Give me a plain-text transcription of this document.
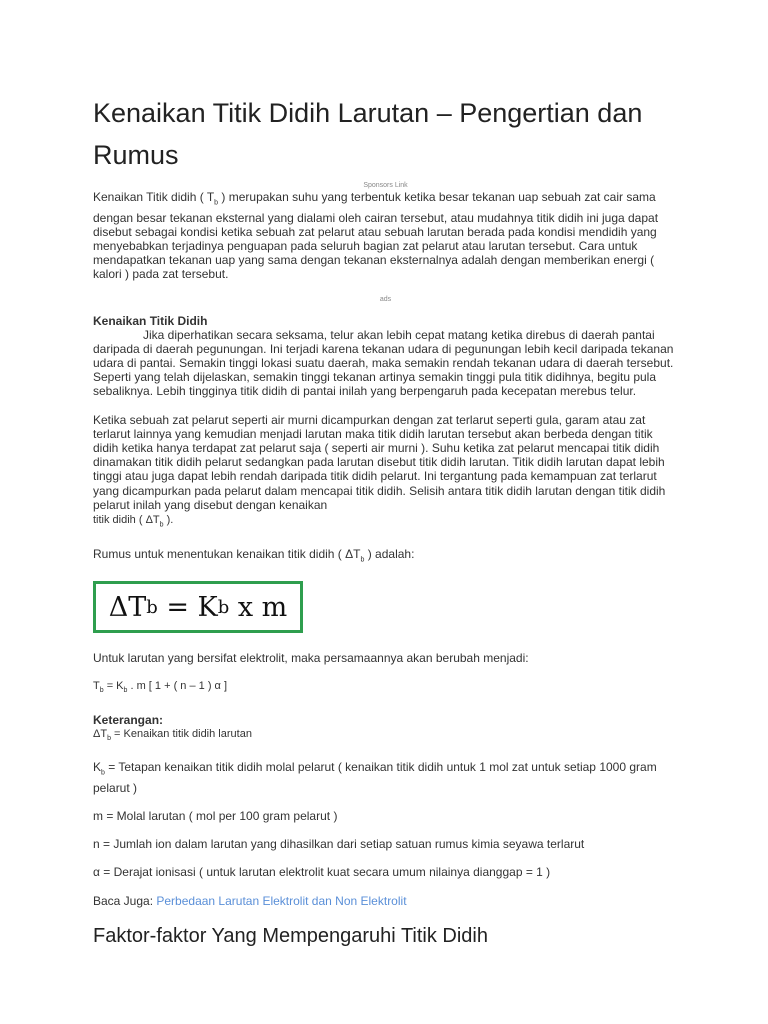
Kenaikan Titik Didih Larutan – Pengertian dan Rumus
Sponsors Link

Kenaikan Titik didih ( $T_b$ ) merupakan suhu yang terbentuk ketika besar tekanan uap sebuah zat cair sama dengan besar tekanan eksternal yang dialami oleh cairan tersebut, atau mudahnya titik didih ini juga dapat disebut sebagai kondisi ketika sebuah zat pelarut atau sebuah larutan berada pada kondisi mendidih yang menyebabkan terjadinya penguapan pada seluruh bagian zat pelarut atau larutan tersebut. Cara untuk mendapatkan tekanan uap yang sama dengan tekanan eksternalnya adalah dengan memberikan energi ( kalori ) pada zat tersebut.

ads
Kenaikan Titik Didih

Jika diperhatikan secara seksama, telur akan lebih cepat matang ketika direbus di daerah pantai daripada di daerah pegunungan. Ini terjadi karena tekanan udara di pegunungan lebih kecil daripada tekanan udara di pantai. Semakin tinggi lokasi suatu daerah, maka semakin rendah tekanan udara di daerah tersebut. Seperti yang telah dijelaskan, semakin tinggi tekanan artinya semakin tinggi pula titik didihnya, begitu pula sebaliknya. Lebih tingginya titik didih di pantai inilah yang berpengaruh pada kecepatan merebus telur.

Ketika sebuah zat pelarut seperti air murni dicampurkan dengan zat terlarut seperti gula, garam atau zat terlarut lainnya yang kemudian menjadi larutan maka titik didih larutan tersebut akan berbeda dengan titik didih ketika hanya terdapat zat pelarut saja ( seperti air murni ). Suhu ketika zat pelarut mencapai titik didih dinamakan titik didih pelarut sedangkan pada larutan disebut titik didih larutan. Titik didih larutan dapat lebih tinggi atau juga dapat lebih rendah daripada titik didih pelarut. Ini tergantung pada kemampuan zat terlarut yang dicampurkan pada pelarut dalam mencapai titik didih. Selisih antara titik didih larutan dengan titik didih pelarut inilah yang disebut dengan kenaikan
titik didih ( $\Delta T_b$ ).

Rumus untuk menentukan kenaikan titik didih ( $\Delta T_b$ ) adalah:

ΔT b = K b x m

Untuk larutan yang bersifat elektrolit, maka persamaannya akan berubah menjadi:

$T_b = K_b$ . m [ 1 + ( n – 1 ) α ]

Keterangan:

$\Delta T_b$ = Kenaikan titik didih larutan

$K_b$ = Tetapan kenaikan titik didih molal pelarut ( kenaikan titik didih untuk 1 mol zat untuk setiap 1000 gram pelarut )

m = Molal larutan ( mol per 100 gram pelarut )

n = Jumlah ion dalam larutan yang dihasilkan dari setiap satuan rumus kimia seyawa terlarut

α = Derajat ionisasi ( untuk larutan elektrolit kuat secara umum nilainya dianggap = 1 )

Baca Juga: Perbedaan Larutan Elektrolit dan Non Elektrolit

Faktor-faktor Yang Mempengaruhi Titik Didih
